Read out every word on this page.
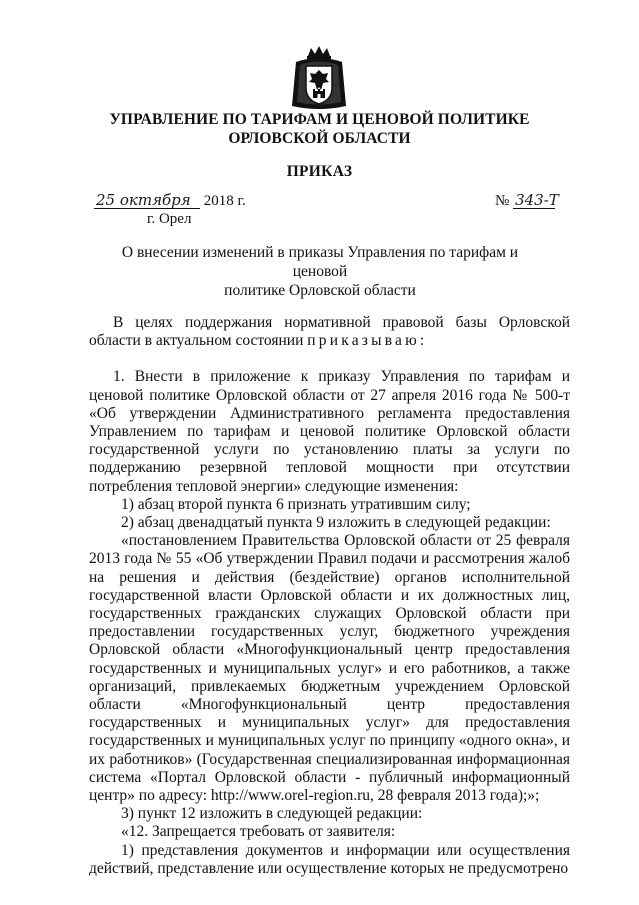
УПРАВЛЕНИЕ ПО ТАРИФАМ И ЦЕНОВОЙ ПОЛИТИКЕ
ОРЛОВСКОЙ ОБЛАСТИ
ПРИКАЗ
25 октября 2018 г.
г. Орел
№ 343-Т
О внесении изменений в приказы Управления по тарифам и ценовой
политике Орловской области

В целях поддержания нормативной правовой базы Орловской области в актуальном состоянии приказываю:

1. Внести в приложение к приказу Управления по тарифам и ценовой политике Орловской области от 27 апреля 2016 года № 500-т «Об утверждении Административного регламента предоставления Управлением по тарифам и ценовой политике Орловской области государственной услуги по установлению платы за услуги по поддержанию резервной тепловой мощности при отсутствии потребления тепловой энергии» следующие изменения:

1) абзац второй пункта 6 признать утратившим силу;

2) абзац двенадцатый пункта 9 изложить в следующей редакции:

«постановлением Правительства Орловской области от 25 февраля 2013 года № 55 «Об утверждении Правил подачи и рассмотрения жалоб на решения и действия (бездействие) органов исполнительной государственной власти Орловской области и их должностных лиц, государственных гражданских служащих Орловской области при предоставлении государственных услуг, бюджетного учреждения Орловской области «Многофункциональный центр предоставления государственных и муниципальных услуг» и его работников, а также организаций, привлекаемых бюджетным учреждением Орловской области «Многофункциональный центр предоставления государственных и муниципальных услуг» для предоставления государственных и муниципальных услуг по принципу «одного окна», и их работников» (Государственная специализированная информационная система «Портал Орловской области - публичный информационный центр» по адресу: http://www.orel-region.ru, 28 февраля 2013 года);»;

3) пункт 12 изложить в следующей редакции:

«12. Запрещается требовать от заявителя:

1) представления документов и информации или осуществления действий, представление или осуществление которых не предусмотрено
